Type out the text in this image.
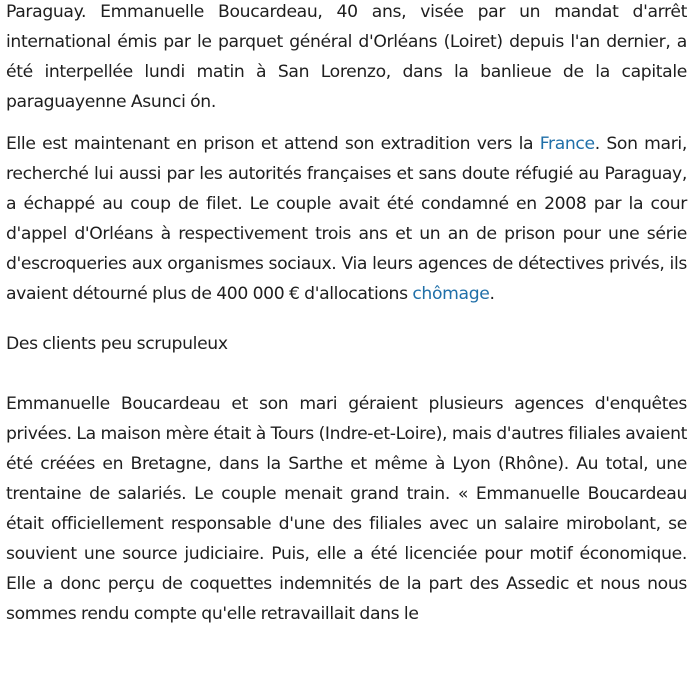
Paraguay. Emmanuelle Boucardeau, 40 ans, visée par un mandat d'arrêt international émis par le parquet général d'Orléans (Loiret) depuis l'an dernier, a été interpellée lundi matin à San Lorenzo, dans la banlieue de la capitale paraguayenne Asunci ón.

Elle est maintenant en prison et attend son extradition vers la France. Son mari, recherché lui aussi par les autorités françaises et sans doute réfugié au Paraguay, a échappé au coup de filet. Le couple avait été condamné en 2008 par la cour d'appel d'Orléans à respectivement trois ans et un an de prison pour une série d'escroqueries aux organismes sociaux. Via leurs agences de détectives privés, ils avaient détourné plus de 400 000 € d'allocations chômage.

Des clients peu scrupuleux

Emmanuelle Boucardeau et son mari géraient plusieurs agences d'enquêtes privées. La maison mère était à Tours (Indre-et-Loire), mais d'autres filiales avaient été créées en Bretagne, dans la Sarthe et même à Lyon (Rhône). Au total, une trentaine de salariés. Le couple menait grand train. « Emmanuelle Boucardeau était officiellement responsable d'une des filiales avec un salaire mirobolant, se souvient une source judiciaire. Puis, elle a été licenciée pour motif économique. Elle a donc perçu de coquettes indemnités de la part des Assedic et nous nous sommes rendu compte qu'elle retravaillait dans le
